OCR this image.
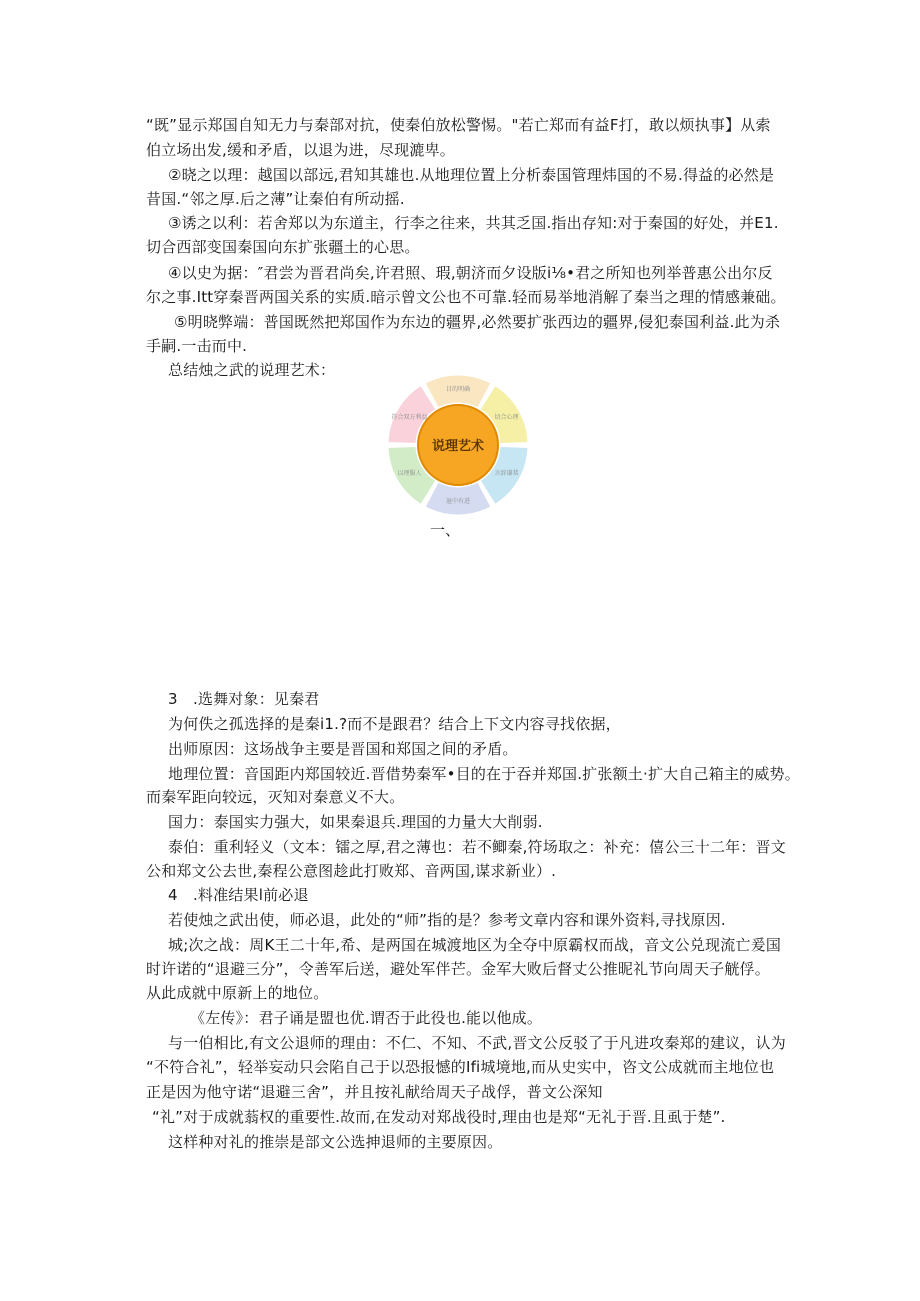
“既”显示郑国自知无力与秦部对抗，使秦伯放松警惕。"若亡郑而有益F打，敢以烦执事】从索
伯立场出发,缓和矛盾，以退为进，尽现漉卑。
②晓之以理：越国以部远,君知其雄也.从地理位置上分析泰国管理炜国的不易.得益的必然是
昔国.“邻之厚.后之薄”让秦伯有所动摇.
③诱之以利：若舍郑以为东道主，行李之往来，共其乏国.指出存知:对于秦国的好处，并E1.
切合西部变国秦国向东扩张疆土的心思。
④以史为据：″君尝为晋君尚矣,许君照、瑕,朝济而夕设版i⅛•君之所知也列举普惠公出尔反
尔之事.Itt穿秦晋两国关系的实质.暗示曾文公也不可靠.轻而易举地消解了秦当之理的情感兼础。
⑤明晓弊端：普国既然把郑国作为东边的疆界,必然要扩张西边的疆界,侵犯泰国利益.此为杀
手嗣.一击而中.
总结烛之武的说理艺术：
说理艺术
目的明确
切合心理
言辞谦恭
退中有进
以理服人
符合双方利益
一、
3　.选舞对象：见秦君
为何佚之孤选择的是秦i1.?而不是跟君？结合上下文内容寻找依据，
出师原因：这场战争主要是晋国和郑国之间的矛盾。
地理位置：音国距内郑国较近.晋借势秦军•目的在于吞并郑国.扩张额土·扩大自己箱主的威势。
而秦军距向较远，灭知对秦意义不大。
国力：泰国实力强大，如果秦退兵.理国的力量大大削弱.
泰伯：重利轻义（文本：镭之厚,君之薄也：若不鲫秦,符场取之：补充：僖公三十二年：晋文
公和郑文公去世,秦程公意图趁此打败郑、音两国,谋求新业）.
4　.料准结果l前必退
若使烛之武出使，师必退，此处的“师”指的是？参考文章内容和课外资料,寻找原因.
城;次之战：周K王二十年,希、是两国在城渡地区为全夺中原霸权而战，音文公兑现流亡爰国
时许诺的“退避三分”，令善军后送，避处军伴芒。金军大败后督丈公推昵礼节向周天子觥俘。
从此成就中原新上的地位。
《左传》：君子诵是盟也优.谓否于此役也.能以他成。
与一伯相比,有文公退师的理由：不仁、不知、不武,晋文公反驳了于凡进攻秦郑的建议，认为
“不符合礼”，轻举妄动只会陷自己于以恐报憾的Ifi城境地,而从史实中，咨文公成就而主地位也
正是因为他守诺“退避三舍”，并且按礼献给周天子战俘，普文公深知
“礼”对于成就蓊权的重要性.故而,在发动对郑战役时,理由也是郑“无礼于晋.且虱于楚”.
这样种对礼的推崇是部文公选抻退师的主要原因。
